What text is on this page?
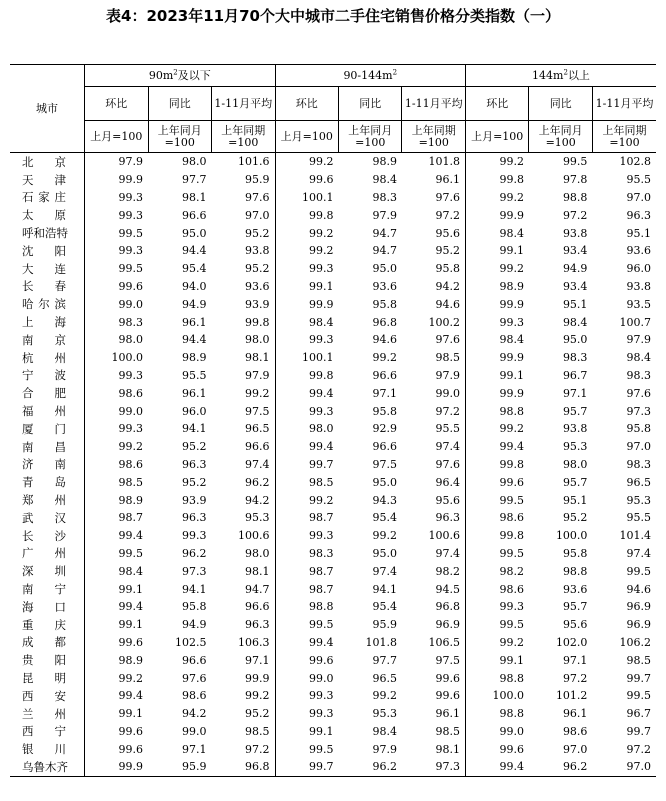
表4：2023年11月70个大中城市二手住宅销售价格分类指数（一）
城市	$90m^2$及以下			$90-144m^2$			$144m^2$以上		
	环比	同比	1-11月平均	环比	同比	1-11月平均	环比	同比	1-11月平均
	上月=100	上年同月=100	上年同期=100	上月=100	上年同月=100	上年同期=100	上月=100	上年同月=100	上年同期=100
北京	97.9	98.0	101.6	99.2	98.9	101.8	99.2	99.5	102.8
天津	99.9	97.7	95.9	99.6	98.4	96.1	99.8	97.8	95.5
石家庄	99.3	98.1	97.6	100.1	98.3	97.6	99.2	98.8	97.0
太原	99.3	96.6	97.0	99.8	97.9	97.2	99.9	97.2	96.3
呼和浩特	99.5	95.0	95.2	99.2	94.7	95.6	98.4	93.8	95.1
沈阳	99.3	94.4	93.8	99.2	94.7	95.2	99.1	93.4	93.6
大连	99.5	95.4	95.2	99.3	95.0	95.8	99.2	94.9	96.0
长春	99.6	94.0	93.6	99.1	93.6	94.2	98.9	93.4	93.8
哈尔滨	99.0	94.9	93.9	99.9	95.8	94.6	99.9	95.1	93.5
上海	98.3	96.1	99.8	98.4	96.8	100.2	99.3	98.4	100.7
南京	98.0	94.4	98.0	99.3	94.6	97.6	98.4	95.0	97.9
杭州	100.0	98.9	98.1	100.1	99.2	98.5	99.9	98.3	98.4
宁波	99.3	95.5	97.9	99.8	96.6	97.9	99.1	96.7	98.3
合肥	98.6	96.1	99.2	99.4	97.1	99.0	99.9	97.1	97.6
福州	99.0	96.0	97.5	99.3	95.8	97.2	98.8	95.7	97.3
厦门	99.3	94.1	96.5	98.0	92.9	95.5	99.2	93.8	95.8
南昌	99.2	95.2	96.6	99.4	96.6	97.4	99.4	95.3	97.0
济南	98.6	96.3	97.4	99.7	97.5	97.6	99.8	98.0	98.3
青岛	98.5	95.2	96.2	98.5	95.0	96.4	99.6	95.7	96.5
郑州	98.9	93.9	94.2	99.2	94.3	95.6	99.5	95.1	95.3
武汉	98.7	96.3	95.3	98.7	95.4	96.3	98.6	95.2	95.5
长沙	99.4	99.3	100.6	99.3	99.2	100.6	99.8	100.0	101.4
广州	99.5	96.2	98.0	98.3	95.0	97.4	99.5	95.8	97.4
深圳	98.4	97.3	98.1	98.7	97.4	98.2	98.2	98.8	99.5
南宁	99.1	94.1	94.7	98.7	94.1	94.5	98.6	93.6	94.6
海口	99.4	95.8	96.6	98.8	95.4	96.8	99.3	95.7	96.9
重庆	99.1	94.9	96.3	99.5	95.9	96.9	99.5	95.6	96.9
成都	99.6	102.5	106.3	99.4	101.8	106.5	99.2	102.0	106.2
贵阳	98.9	96.6	97.1	99.6	97.7	97.5	99.1	97.1	98.5
昆明	99.2	97.6	99.9	99.0	96.5	99.6	98.8	97.2	99.7
西安	99.4	98.6	99.2	99.3	99.2	99.6	100.0	101.2	99.5
兰州	99.1	94.2	95.2	99.3	95.3	96.1	98.8	96.1	96.7
西宁	99.6	99.0	98.5	99.1	98.4	98.5	99.0	98.6	99.7
银川	99.6	97.1	97.2	99.5	97.9	98.1	99.6	97.0	97.2
乌鲁木齐	99.9	95.9	96.8	99.7	96.2	97.3	99.4	96.2	97.0
